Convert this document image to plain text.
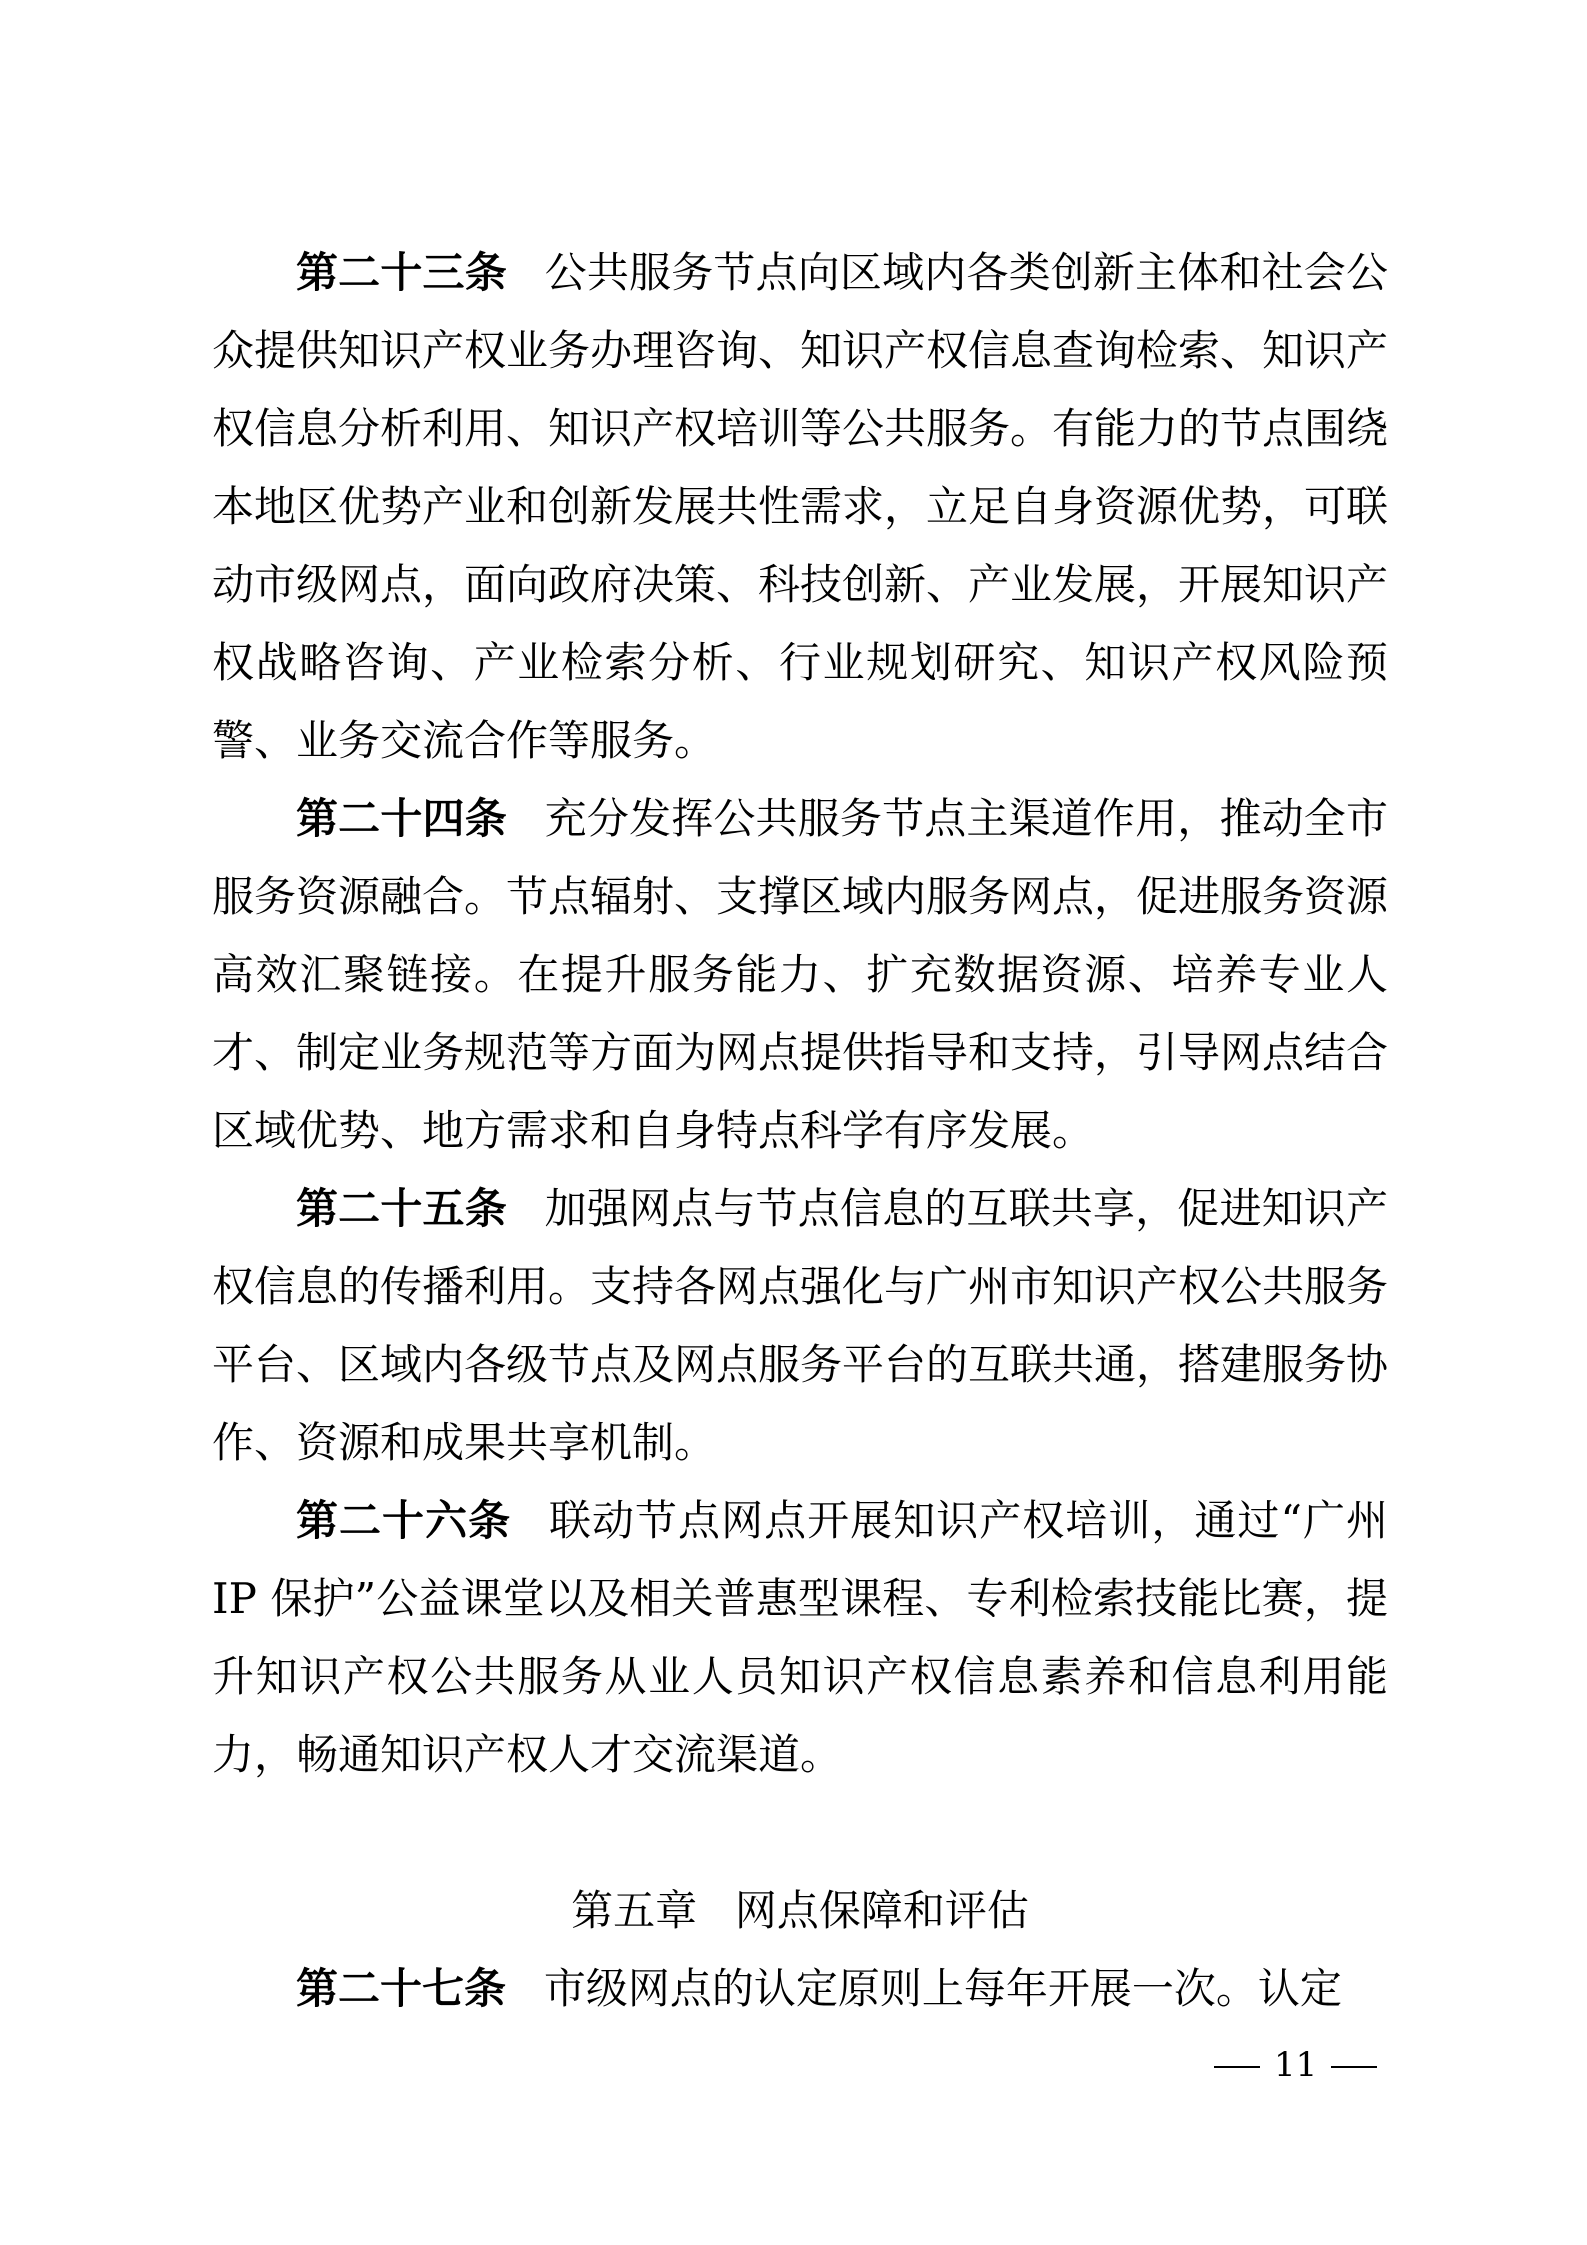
第二十三条 公共服务节点向区域内各类创新主体和社会公众提供知识产权业务办理咨询、知识产权信息查询检索、知识产权信息分析利用、知识产权培训等公共服务。有能力的节点围绕本地区优势产业和创新发展共性需求，立足自身资源优势，可联动市级网点，面向政府决策、科技创新、产业发展，开展知识产权战略咨询、产业检索分析、行业规划研究、知识产权风险预警、业务交流合作等服务。

第二十四条 充分发挥公共服务节点主渠道作用，推动全市服务资源融合。节点辐射、支撑区域内服务网点，促进服务资源高效汇聚链接。在提升服务能力、扩充数据资源、培养专业人才、制定业务规范等方面为网点提供指导和支持，引导网点结合区域优势、地方需求和自身特点科学有序发展。

第二十五条 加强网点与节点信息的互联共享，促进知识产权信息的传播利用。支持各网点强化与广州市知识产权公共服务平台、区域内各级节点及网点服务平台的互联共通，搭建服务协作、资源和成果共享机制。

第二十六条 联动节点网点开展知识产权培训，通过“广州 IP 保护”公益课堂以及相关普惠型课程、专利检索技能比赛，提升知识产权公共服务从业人员知识产权信息素养和信息利用能力，畅通知识产权人才交流渠道。

第五章 网点保障和评估

第二十七条 市级网点的认定原则上每年开展一次。认定

11
